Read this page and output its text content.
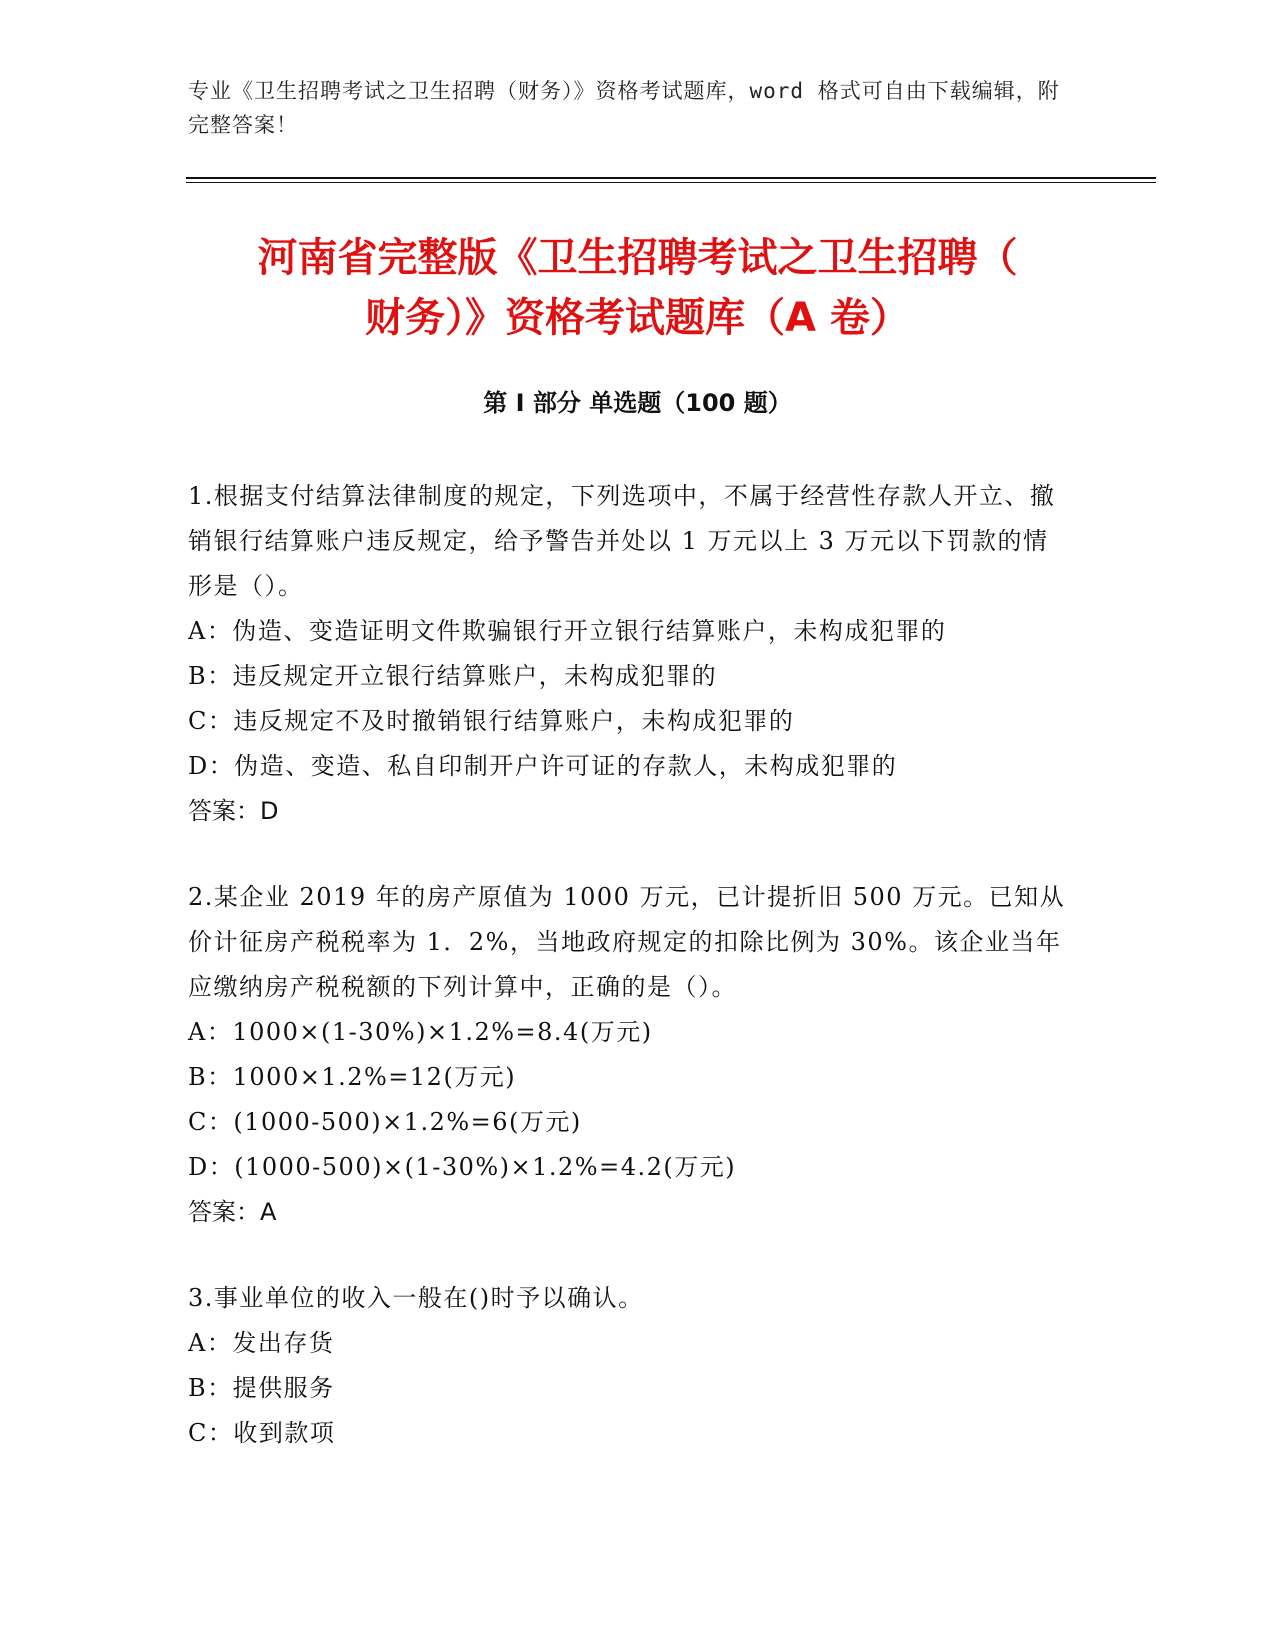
专业《卫生招聘考试之卫生招聘（财务）》资格考试题库，word 格式可自由下载编辑，附完整答案！
河南省完整版《卫生招聘考试之卫生招聘（
财务）》资格考试题库（A 卷）
第 I 部分 单选题（100 题）

1.根据支付结算法律制度的规定，下列选项中，不属于经营性存款人开立、撤销银行结算账户违反规定，给予警告并处以 1 万元以上 3 万元以下罚款的情形是（）。

A：伪造、变造证明文件欺骗银行开立银行结算账户，未构成犯罪的

B：违反规定开立银行结算账户，未构成犯罪的

C：违反规定不及时撤销银行结算账户，未构成犯罪的

D：伪造、变造、私自印制开户许可证的存款人，未构成犯罪的

答案：D

2.某企业 2019 年的房产原值为 1000 万元，已计提折旧 500 万元。已知从价计征房产税税率为 1．2%，当地政府规定的扣除比例为 30%。该企业当年应缴纳房产税税额的下列计算中，正确的是（）。

A：1000×(1-30%)×1.2%=8.4(万元)

B：1000×1.2%=12(万元)

C：(1000-500)×1.2%=6(万元)

D：(1000-500)×(1-30%)×1.2%=4.2(万元)

答案：A

3.事业单位的收入一般在()时予以确认。

A：发出存货

B：提供服务

C：收到款项
